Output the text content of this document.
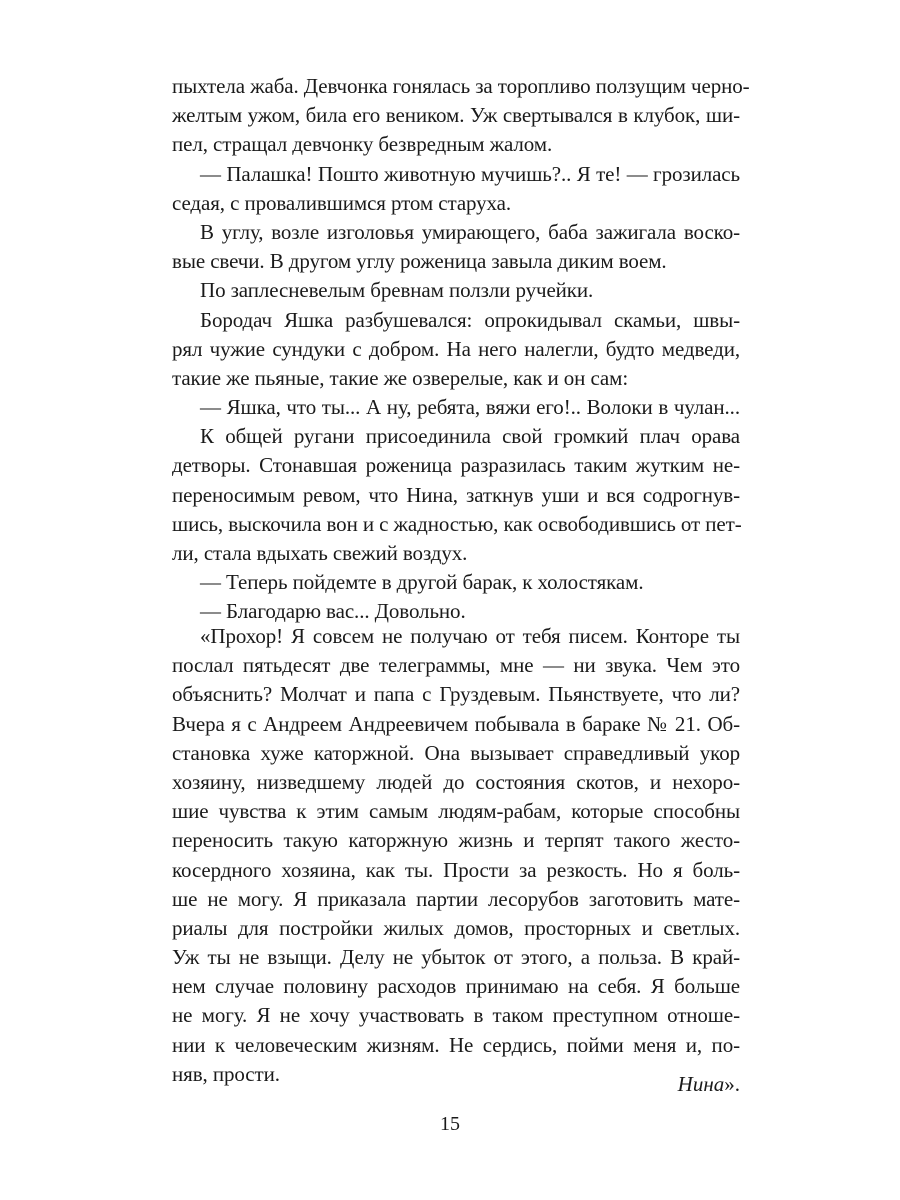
пыхтела жаба. Девчонка гонялась за торопливо ползущим черно-
желтым ужом, била его веником. Уж свертывался в клубок, ши-
пел, стращал девчонку безвредным жалом.
— Палашка! Пошто животную мучишь?.. Я те! — грозилась
седая, с провалившимся ртом старуха.
В углу, возле изголовья умирающего, баба зажигала воско-
вые свечи. В другом углу роженица завыла диким воем.
По заплесневелым бревнам ползли ручейки.
Бородач Яшка разбушевался: опрокидывал скамьи, швы-
рял чужие сундуки с добром. На него налегли, будто медведи,
такие же пьяные, такие же озверелые, как и он сам:
— Яшка, что ты... А ну, ребята, вяжи его!.. Волоки в чулан...
К общей ругани присоединила свой громкий плач орава
детворы. Стонавшая роженица разразилась таким жутким не-
переносимым ревом, что Нина, заткнув уши и вся содрогнув-
шись, выскочила вон и с жадностью, как освободившись от пет-
ли, стала вдыхать свежий воздух.
— Теперь пойдемте в другой барак, к холостякам.
— Благодарю вас... Довольно.
«Прохор! Я совсем не получаю от тебя писем. Конторе ты
послал пятьдесят две телеграммы, мне — ни звука. Чем это
объяснить? Молчат и папа с Груздевым. Пьянствуете, что ли?
Вчера я с Андреем Андреевичем побывала в бараке № 21. Об-
становка хуже каторжной. Она вызывает справедливый укор
хозяину, низведшему людей до состояния скотов, и нехоро-
шие чувства к этим самым людям-рабам, которые способны
переносить такую каторжную жизнь и терпят такого жесто-
косердного хозяина, как ты. Прости за резкость. Но я боль-
ше не могу. Я приказала партии лесорубов заготовить мате-
риалы для постройки жилых домов, просторных и светлых.
Уж ты не взыщи. Делу не убыток от этого, а польза. В край-
нем случае половину расходов принимаю на себя. Я больше
не могу. Я не хочу участвовать в таком преступном отноше-
нии к человеческим жизням. Не сердись, пойми меня и, по-
няв, прости.	Нина».
15
